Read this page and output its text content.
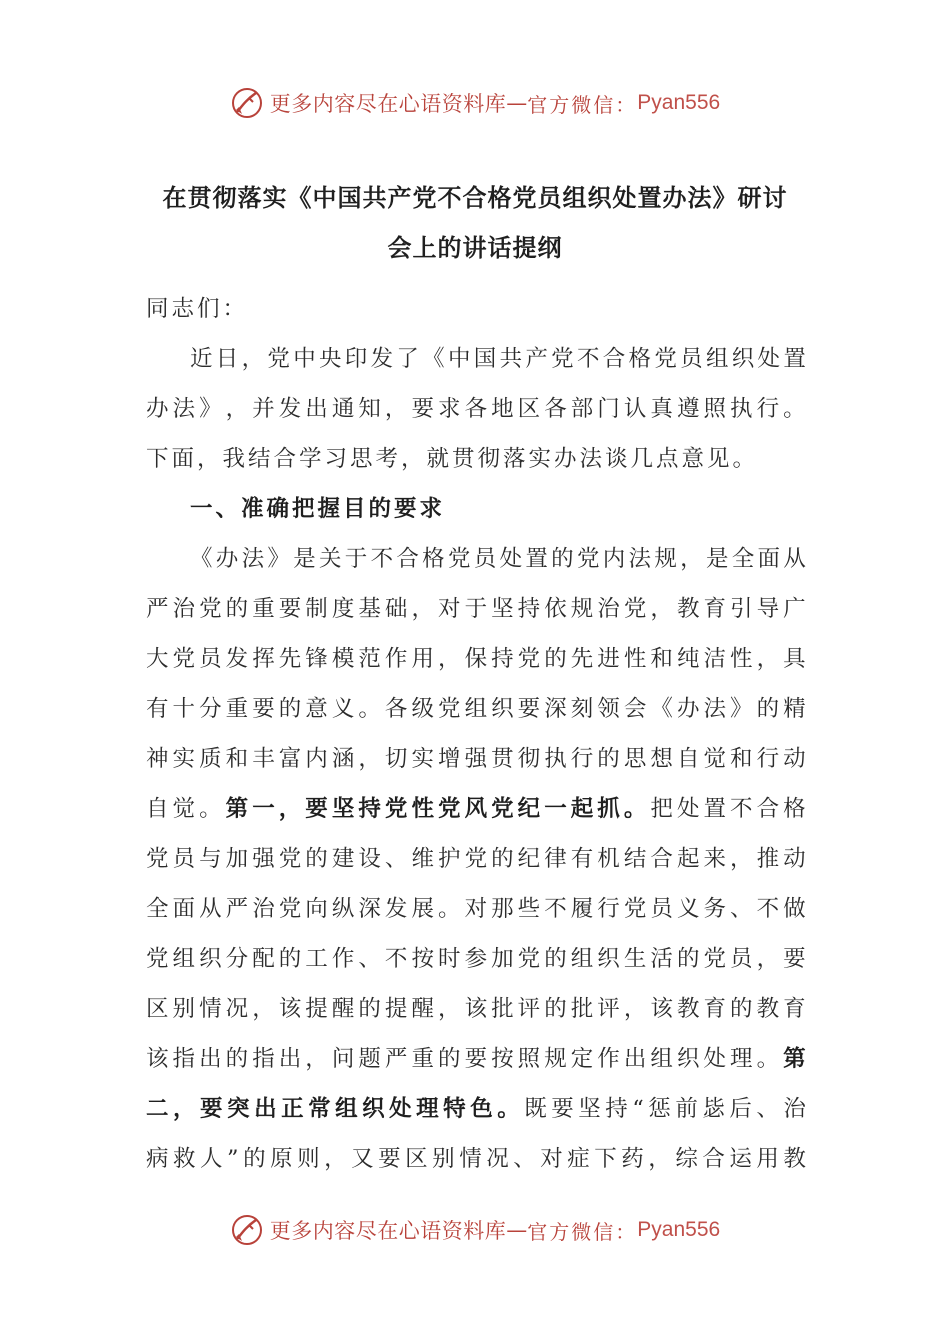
更多内容尽在心语资料库 — 官方微信： Pyan556
在贯彻落实《中国共产党不合格党员组织处置办法》研讨
会上的讲话提纲
同志们：
近 日 ， 党 中 央 印 发 了 《 中 国 共 产 党 不 合 格 党 员 组 织 处 置
办 法 》 ， 并 发 出 通 知 ， 要 求 各 地 区 各 部 门 认 真 遵 照 执 行 。
下面，我结合学习思考，就贯彻落实办法谈几点意见。
一、准确把握目的要求
《 办 法 》 是 关 于 不 合 格 党 员 处 置 的 党 内 法 规 ， 是 全 面 从
严 治 党 的 重 要 制 度 基 础 ， 对 于 坚 持 依 规 治 党 ， 教 育 引 导 广
大 党 员 发 挥 先 锋 模 范 作 用 ， 保 持 党 的 先 进 性 和 纯 洁 性 ， 具
有 十 分 重 要 的 意 义 。 各 级 党 组 织 要 深 刻 领 会 《 办 法 》 的 精
神 实 质 和 丰 富 内 涵 ， 切 实 增 强 贯 彻 执 行 的 思 想 自 觉 和 行 动
自 觉 。 第 一 ， 要 坚 持 党 性 党 风 党 纪 一 起 抓 。 把 处 置 不 合 格
党 员 与 加 强 党 的 建 设 、 维 护 党 的 纪 律 有 机 结 合 起 来 ， 推 动
全 面 从 严 治 党 向 纵 深 发 展 。 对 那 些 不 履 行 党 员 义 务 、 不 做
党 组 织 分 配 的 工 作 、 不 按 时 参 加 党 的 组 织 生 活 的 党 员 ， 要
区 别 情 况 ， 该 提 醒 的 提 醒 ， 该 批 评 的 批 评 ， 该 教 育 的 教 育
该 指 出 的 指 出 ， 问 题 严 重 的 要 按 照 规 定 作 出 组 织 处 理 。 第
二 ， 要 突 出 正 常 组 织 处 理 特 色 。 既 要 坚 持 “ 惩 前 毖 后 、 治
病 救 人 ” 的 原 则 ， 又 要 区 别 情 况 、 对 症 下 药 ， 综 合 运 用 教
更多内容尽在心语资料库 — 官方微信： Pyan556
